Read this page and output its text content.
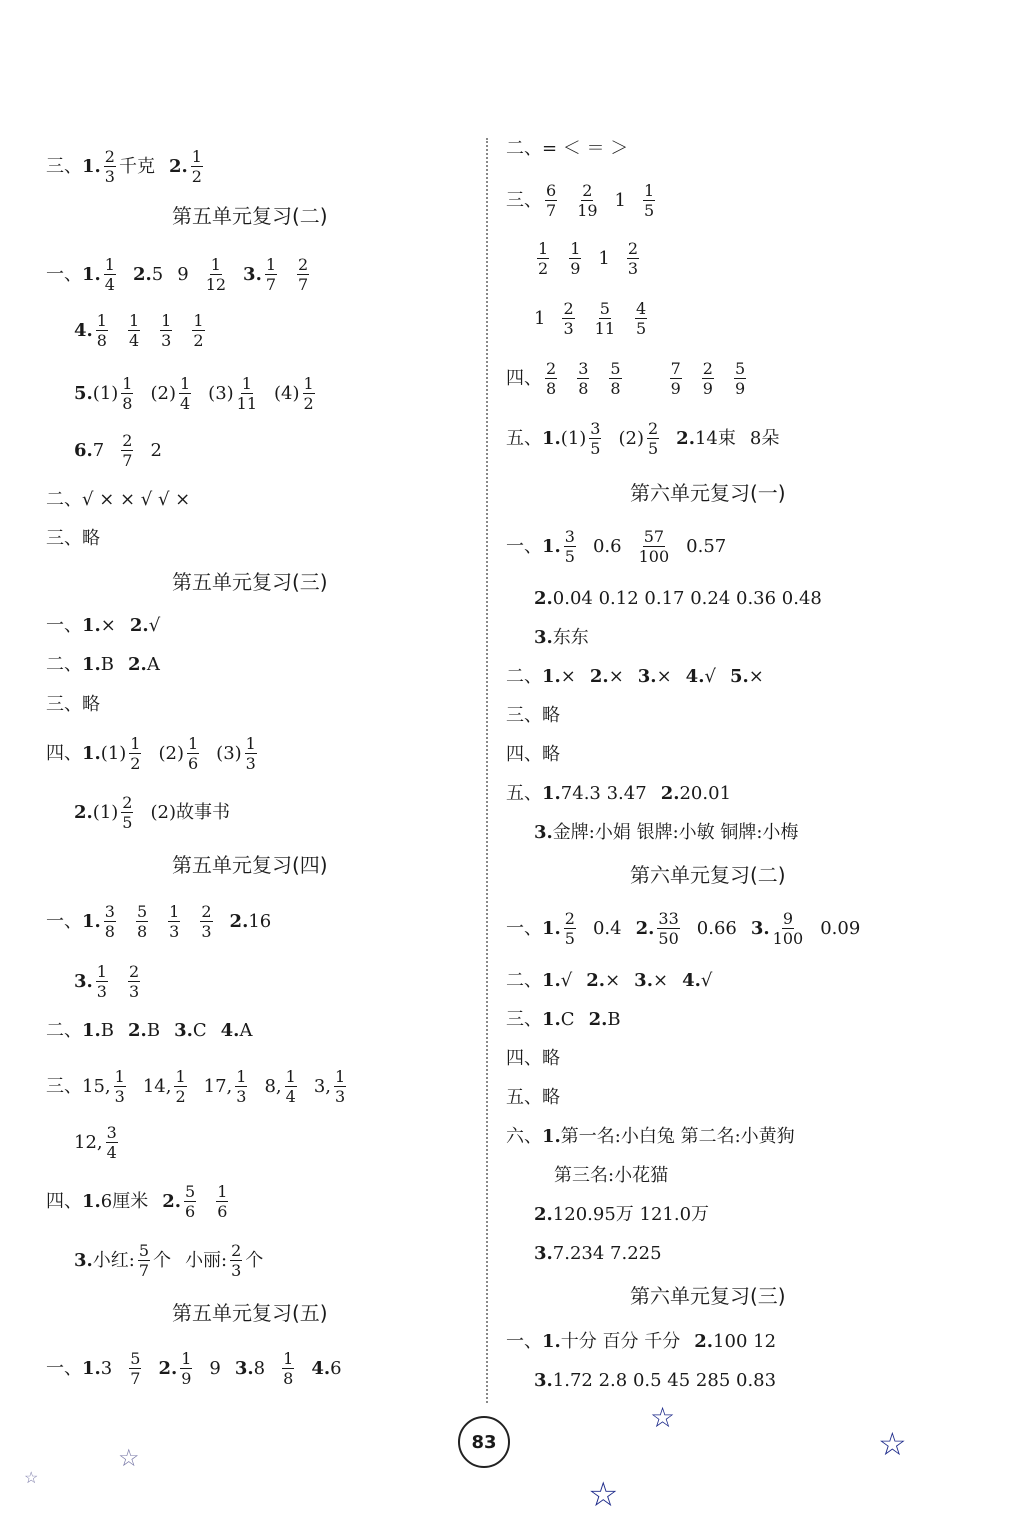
三、1. $\frac{2}{3}$ 千克 2. $\frac{1}{2}$
第五单元复习(二)
一、1. $\frac{1}{4} 2.5$ $9 \frac{1}{12} 3$. $\frac{1}{7} \frac{2}{7}$
4. $\frac{1}{8} \frac{1}{4} \frac{1}{3} \frac{1}{2}$
$5.(1) \frac{1}{8} (2) \frac{1}{4} (3) \frac{1}{11} (4) \frac{1}{2}$
$6.7 \frac{2}{7} 2$
二、√ × × √ √ ×
三、略
第五单元复习(三)
一、1.× 2.√
二、1.B 2.A
三、略
四、$1.(1) \frac{1}{2} (2) \frac{1}{6} (3) \frac{1}{3}$
$2.(1) \frac{2}{5} (2)$故事书
第五单元复习(四)
一、1. $\frac{3}{8} \frac{5}{8} \frac{1}{3} \frac{2}{3} 2.16$
3. $\frac{1}{3} \frac{2}{3}$
二、1.B 2.B 3.C 4.A
三、15, $\frac{1}{3} 14$, $\frac{1}{2} 17$, $\frac{1}{3} 8$, $\frac{1}{4} 3$, $\frac{1}{3}$
12, $\frac{3}{4}$
四、1.6厘米 2. $\frac{5}{6} \frac{1}{6}$
3.小红: $\frac{5}{7}$ 个 小丽: $\frac{2}{3}$ 个
第五单元复习(五)
一、$1.3 \frac{5}{7} 2$. $\frac{1}{9} 9$ $3.8 \frac{1}{8} 4.6$
二、= ＜ ＝ ＞
三、 $\frac{6}{7} \frac{2}{19} 1 \frac{1}{5}$
$\frac{1}{2} \frac{1}{9} 1 \frac{2}{3}$
$1 \frac{2}{3} \frac{5}{11} \frac{4}{5}$
四、 $\frac{2}{8} \frac{3}{8} \frac{5}{8}$	$\frac{7}{9} \frac{2}{9} \frac{5}{9}$
五、$1.(1) \frac{3}{5} (2) \frac{2}{5} 2.14$束 8朵
第六单元复习(一)
一、1. $\frac{3}{5} 0.6 \frac{57}{100} 0.57$
2.0.04 0.12 0.17 0.24 0.36 0.48
3.东东
二、1.× 2.× 3.× 4.√ 5.×
三、略
四、略
五、1.74.3 3.47 2.20.01
3.金牌:小娟 银牌:小敏 铜牌:小梅
第六单元复习(二)
一、1. $\frac{2}{5} 0.4$ 2. $\frac{33}{50} 0.66$ 3. $\frac{9}{100} 0.09$
二、1.√ 2.× 3.× 4.√
三、1.C 2.B
四、略
五、略
六、1.第一名:小白兔 第二名:小黄狗
第三名:小花猫
2.120.95万 121.0万
3.7.234 7.225
第六单元复习(三)
一、1.十分 百分 千分 2.100 12
3.1.72 2.8 0.5 45 285 0.83
83
☆
☆
☆
☆
☆
